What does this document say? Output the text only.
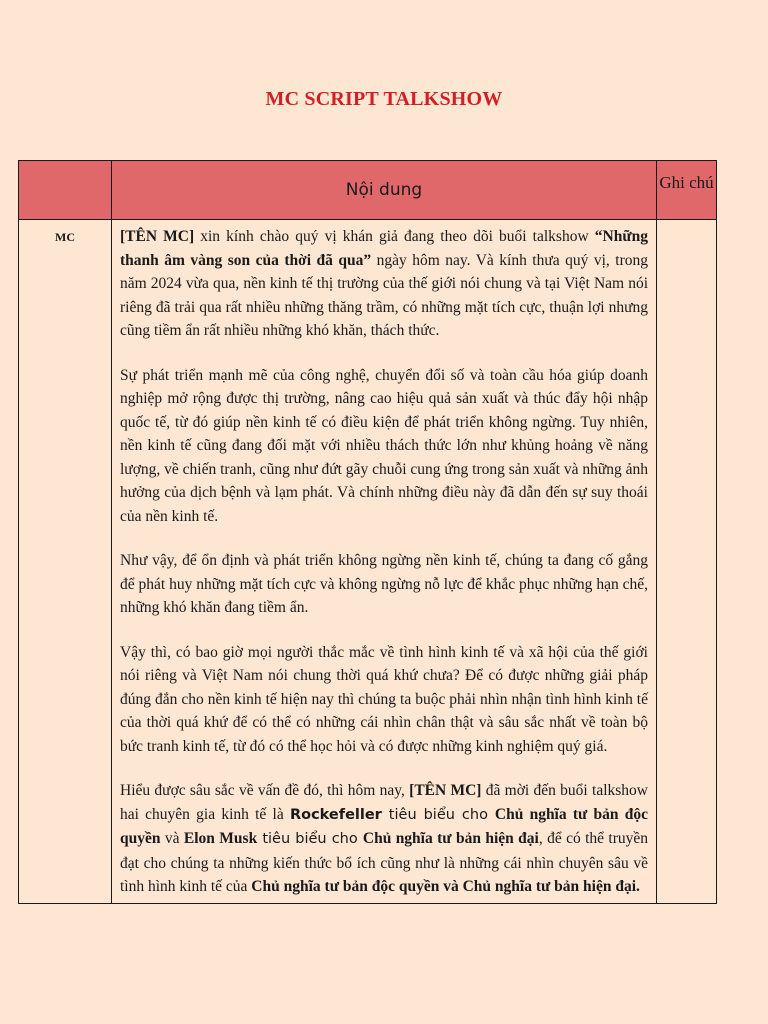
MC SCRIPT TALKSHOW
	Nội dung	Ghi chú
MC	[TÊN MC] xin kính chào quý vị khán giả đang theo dõi buổi talkshow “Những thanh âm vàng son của thời đã qua” ngày hôm nay. Và kính thưa quý vị, trong năm 2024 vừa qua, nền kinh tế thị trường của thế giới nói chung và tại Việt Nam nói riêng đã trải qua rất nhiều những thăng trầm, có những mặt tích cực, thuận lợi nhưng cũng tiềm ẩn rất nhiều những khó khăn, thách thức.

Sự phát triển mạnh mẽ của công nghệ, chuyển đổi số và toàn cầu hóa giúp doanh nghiệp mở rộng được thị trường, nâng cao hiệu quả sản xuất và thúc đẩy hội nhập quốc tế, từ đó giúp nền kinh tế có điều kiện để phát triển không ngừng. Tuy nhiên, nền kinh tế cũng đang đối mặt với nhiều thách thức lớn như khủng hoảng về năng lượng, về chiến tranh, cũng như đứt gãy chuỗi cung ứng trong sản xuất và những ảnh hưởng của dịch bệnh và lạm phát. Và chính những điều này đã dẫn đến sự suy thoái của nền kinh tế.

Như vậy, để ổn định và phát triển không ngừng nền kinh tế, chúng ta đang cố gắng để phát huy những mặt tích cực và không ngừng nỗ lực để khắc phục những hạn chế, những khó khăn đang tiềm ẩn.

Vậy thì, có bao giờ mọi người thắc mắc về tình hình kinh tế và xã hội của thế giới nói riêng và Việt Nam nói chung thời quá khứ chưa? Để có được những giải pháp đúng đắn cho nền kinh tế hiện nay thì chúng ta buộc phải nhìn nhận tình hình kinh tế của thời quá khứ để có thể có những cái nhìn chân thật và sâu sắc nhất về toàn bộ bức tranh kinh tế, từ đó có thể học hỏi và có được những kinh nghiệm quý giá.

Hiểu được sâu sắc về vấn đề đó, thì hôm nay, [TÊN MC] đã mời đến buổi talkshow hai chuyên gia kinh tế là Rockefeller tiêu biểu cho Chủ nghĩa tư bản độc quyền và Elon Musk tiêu biểu cho Chủ nghĩa tư bản hiện đại, để có thể truyền đạt cho chúng ta những kiến thức bổ ích cũng như là những cái nhìn chuyên sâu về tình hình kinh tế của Chủ nghĩa tư bản độc quyền và Chủ nghĩa tư bản hiện đại.	
